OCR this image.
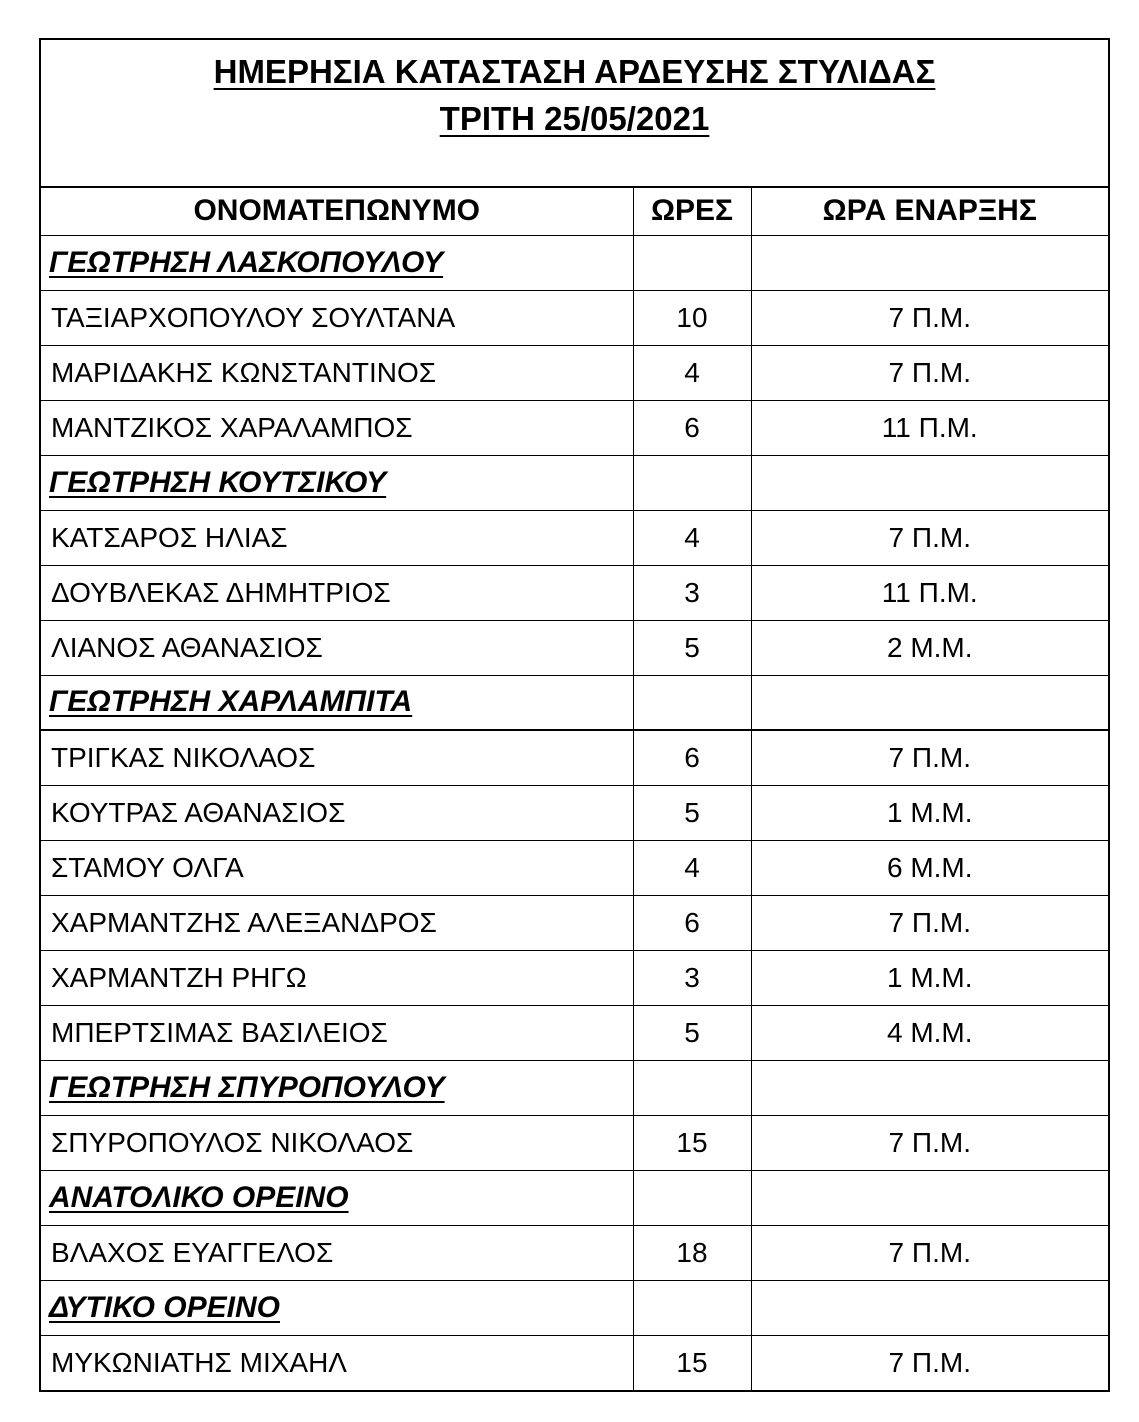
ΗΜΕΡΗΣΙΑ ΚΑΤΑΣΤΑΣΗ ΑΡΔΕΥΣΗΣ ΣΤΥΛΙΔΑΣ
ΤΡΙΤΗ 25/05/2021
ΟΝΟΜΑΤΕΠΩΝΥΜΟ	ΩΡΕΣ	ΩΡΑ ΕΝΑΡΞΗΣ
ΓΕΩΤΡΗΣΗ ΛΑΣΚΟΠΟΥΛΟΥ		
ΤΑΞΙΑΡΧΟΠΟΥΛΟΥ ΣΟΥΛΤΑΝΑ	10	7 Π.Μ.
ΜΑΡΙΔΑΚΗΣ ΚΩΝΣΤΑΝΤΙΝΟΣ	4	7 Π.Μ.
ΜΑΝΤΖΙΚΟΣ ΧΑΡΑΛΑΜΠΟΣ	6	11 Π.Μ.
ΓΕΩΤΡΗΣΗ ΚΟΥΤΣΙΚΟΥ		
ΚΑΤΣΑΡΟΣ ΗΛΙΑΣ	4	7 Π.Μ.
ΔΟΥΒΛΕΚΑΣ ΔΗΜΗΤΡΙΟΣ	3	11 Π.Μ.
ΛΙΑΝΟΣ ΑΘΑΝΑΣΙΟΣ	5	2 Μ.Μ.
ΓΕΩΤΡΗΣΗ ΧΑΡΛΑΜΠΙΤΑ		
ΤΡΙΓΚΑΣ ΝΙΚΟΛΑΟΣ	6	7 Π.Μ.
ΚΟΥΤΡΑΣ ΑΘΑΝΑΣΙΟΣ	5	1 Μ.Μ.
ΣΤΑΜΟΥ ΟΛΓΑ	4	6 Μ.Μ.
ΧΑΡΜΑΝΤΖΗΣ ΑΛΕΞΑΝΔΡΟΣ	6	7 Π.Μ.
ΧΑΡΜΑΝΤΖΗ ΡΗΓΩ	3	1 Μ.Μ.
ΜΠΕΡΤΣΙΜΑΣ ΒΑΣΙΛΕΙΟΣ	5	4 Μ.Μ.
ΓΕΩΤΡΗΣΗ ΣΠΥΡΟΠΟΥΛΟΥ		
ΣΠΥΡΟΠΟΥΛΟΣ ΝΙΚΟΛΑΟΣ	15	7 Π.Μ.
ΑΝΑΤΟΛΙΚΟ ΟΡΕΙΝΟ		
ΒΛΑΧΟΣ ΕΥΑΓΓΕΛΟΣ	18	7 Π.Μ.
ΔΥΤΙΚΟ ΟΡΕΙΝΟ		
ΜΥΚΩΝΙΑΤΗΣ ΜΙΧΑΗΛ	15	7 Π.Μ.
